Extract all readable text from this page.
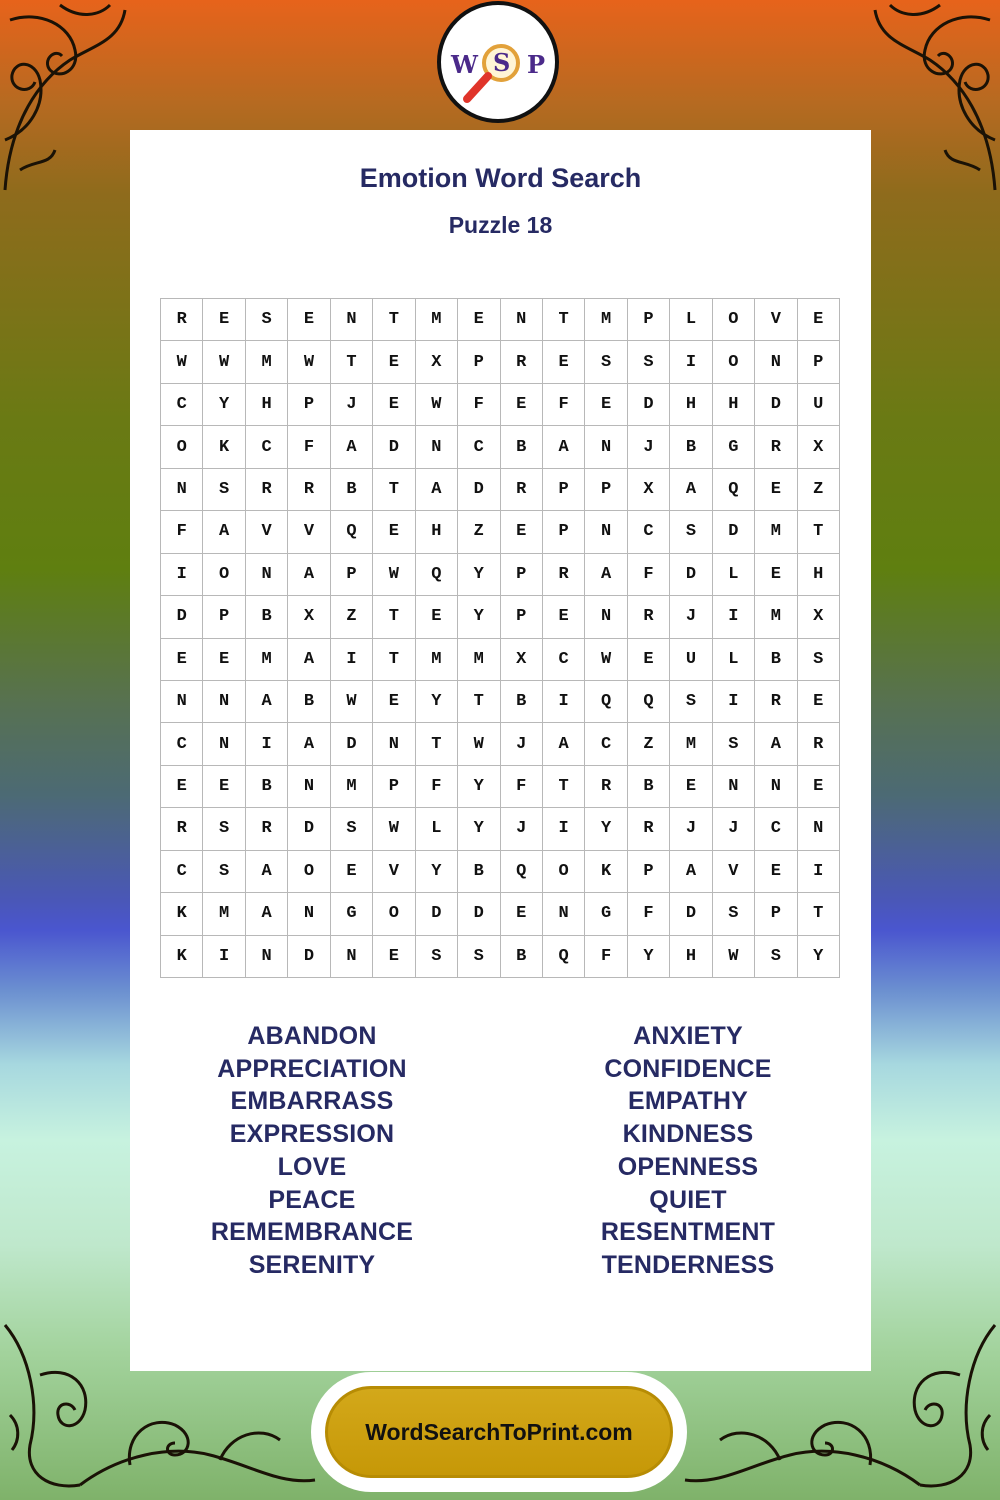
W S P
Emotion Word Search
Puzzle 18
R	E	S	E	N	T	M	E	N	T	M	P	L	O	V	E
W	W	M	W	T	E	X	P	R	E	S	S	I	O	N	P
C	Y	H	P	J	E	W	F	E	F	E	D	H	H	D	U
O	K	C	F	A	D	N	C	B	A	N	J	B	G	R	X
N	S	R	R	B	T	A	D	R	P	P	X	A	Q	E	Z
F	A	V	V	Q	E	H	Z	E	P	N	C	S	D	M	T
I	O	N	A	P	W	Q	Y	P	R	A	F	D	L	E	H
D	P	B	X	Z	T	E	Y	P	E	N	R	J	I	M	X
E	E	M	A	I	T	M	M	X	C	W	E	U	L	B	S
N	N	A	B	W	E	Y	T	B	I	Q	Q	S	I	R	E
C	N	I	A	D	N	T	W	J	A	C	Z	M	S	A	R
E	E	B	N	M	P	F	Y	F	T	R	B	E	N	N	E
R	S	R	D	S	W	L	Y	J	I	Y	R	J	J	C	N
C	S	A	O	E	V	Y	B	Q	O	K	P	A	V	E	I
K	M	A	N	G	O	D	D	E	N	G	F	D	S	P	T
K	I	N	D	N	E	S	S	B	Q	F	Y	H	W	S	Y
ABANDON
APPRECIATION
EMBARRASS
EXPRESSION
LOVE
PEACE
REMEMBRANCE
SERENITY
ANXIETY
CONFIDENCE
EMPATHY
KINDNESS
OPENNESS
QUIET
RESENTMENT
TENDERNESS
WordSearchToPrint.com
